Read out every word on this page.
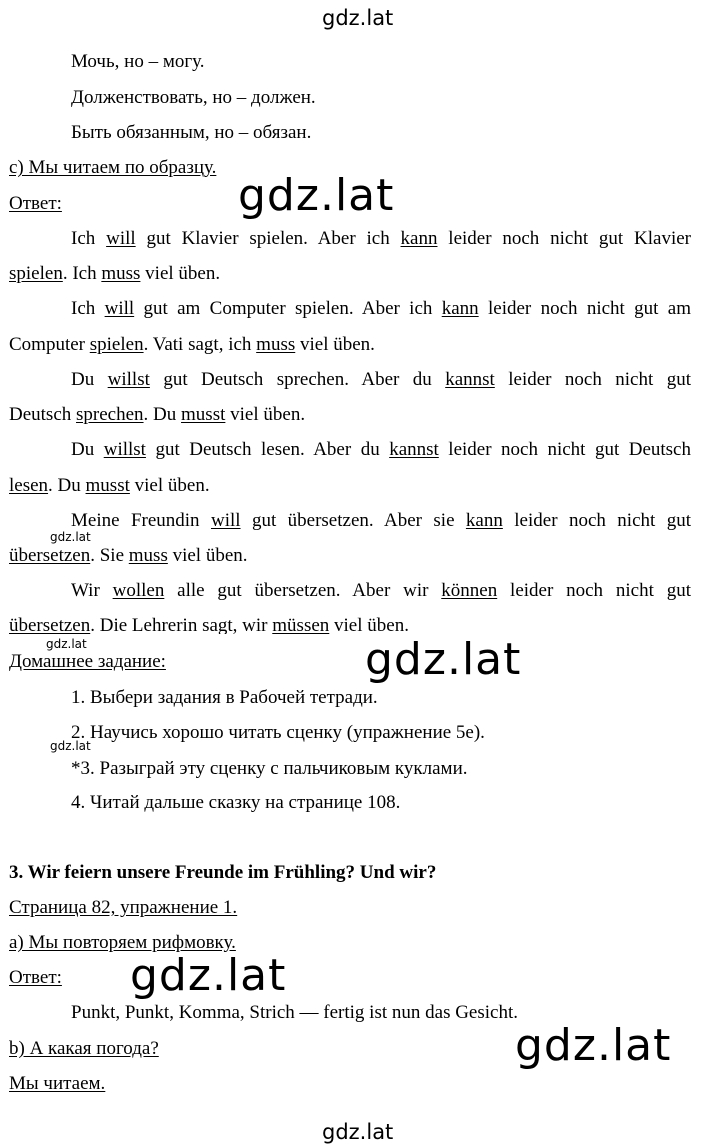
gdz.lat
Мочь, но – могу.
Долженствовать, но – должен.
Быть обязанным, но – обязан.
c) Мы читаем по образцу.
Ответ:	gdz.lat
Ich will gut Klavier spielen. Aber ich kann leider noch nicht gut Klavier
spielen. Ich muss viel üben.
Ich will gut am Computer spielen. Aber ich kann leider noch nicht gut am
Computer spielen. Vati sagt, ich muss viel üben.
Du willst gut Deutsch sprechen. Aber du kannst leider noch nicht gut
Deutsch sprechen. Du musst viel üben.
Du willst gut Deutsch lesen. Aber du kannst leider noch nicht gut Deutsch
lesen. Du musst viel üben.
Meine Freundin will gut übersetzen. Aber sie kann leider noch nicht gut
gdz.lat
übersetzen. Sie muss viel üben.
Wir wollen alle gut übersetzen. Aber wir können leider noch nicht gut
übersetzen. Die Lehrerin sagt, wir müssen viel üben.
gdz.lat
Домашнее задание:	gdz.lat
1. Выбери задания в Рабочей тетради.
2. Научись хорошо читать сценку (упражнение 5е).
gdz.lat
*3. Разыграй эту сценку с пальчиковым куклами.
4. Читай дальше сказку на странице 108.
3. Wir feiern unsere Freunde im Frühling? Und wir?
Страница 82, упражнение 1.
a) Мы повторяем рифмовку.
Ответ: gdz.lat
Punkt, Punkt, Komma, Strich — fertig ist nun das Gesicht.
b) А какая погода?	gdz.lat
Мы читаем.
gdz.lat
